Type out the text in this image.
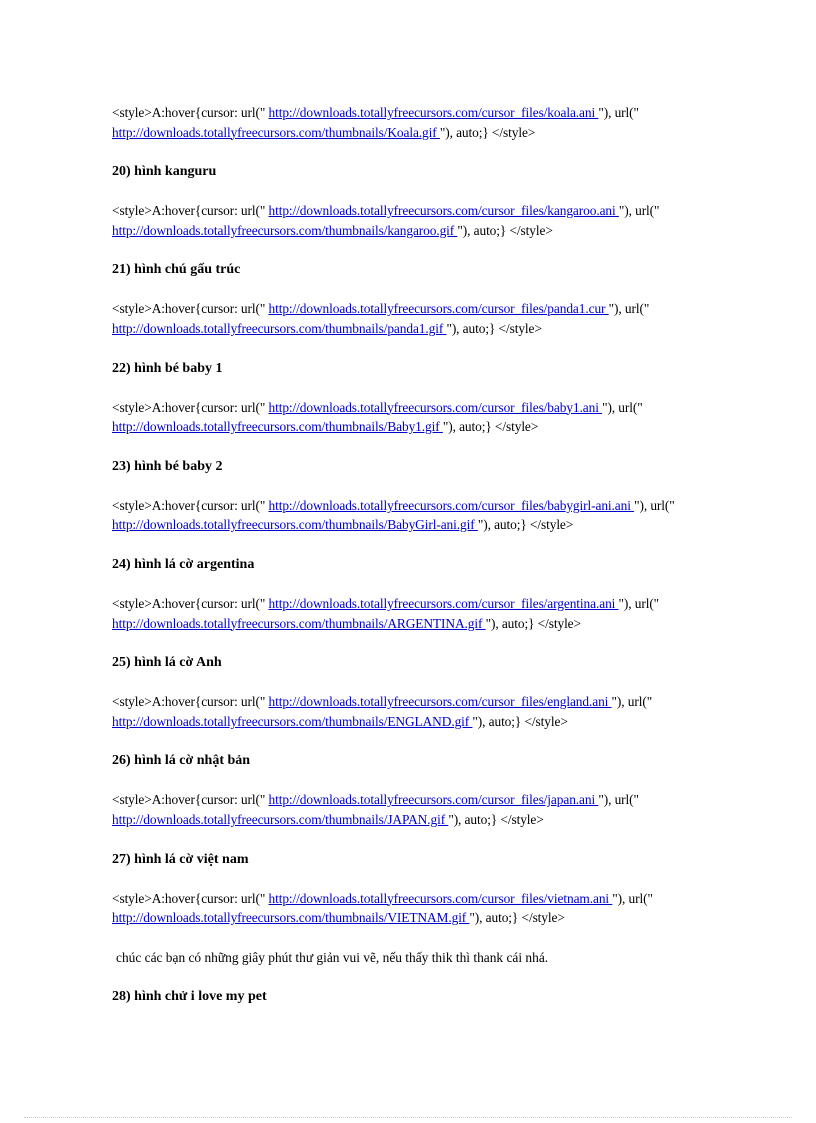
<style>A:hover{cursor: url(" http://downloads.totallyfreecursors.com/cursor_files/koala.ani "), url(" http://downloads.totallyfreecursors.com/thumbnails/Koala.gif "), auto;} </style>
20) hình kanguru
<style>A:hover{cursor: url(" http://downloads.totallyfreecursors.com/cursor_files/kangaroo.ani "), url(" http://downloads.totallyfreecursors.com/thumbnails/kangaroo.gif "), auto;} </style>
21) hình chú gấu trúc
<style>A:hover{cursor: url(" http://downloads.totallyfreecursors.com/cursor_files/panda1.cur "), url(" http://downloads.totallyfreecursors.com/thumbnails/panda1.gif "), auto;} </style>
22) hình bé baby 1
<style>A:hover{cursor: url(" http://downloads.totallyfreecursors.com/cursor_files/baby1.ani "), url(" http://downloads.totallyfreecursors.com/thumbnails/Baby1.gif "), auto;} </style>
23) hình bé baby 2
<style>A:hover{cursor: url(" http://downloads.totallyfreecursors.com/cursor_files/babygirl-ani.ani "), url(" http://downloads.totallyfreecursors.com/thumbnails/BabyGirl-ani.gif "), auto;} </style>
24) hình lá cờ argentina
<style>A:hover{cursor: url(" http://downloads.totallyfreecursors.com/cursor_files/argentina.ani "), url(" http://downloads.totallyfreecursors.com/thumbnails/ARGENTINA.gif "), auto;} </style>
25) hình lá cờ Anh
<style>A:hover{cursor: url(" http://downloads.totallyfreecursors.com/cursor_files/england.ani "), url(" http://downloads.totallyfreecursors.com/thumbnails/ENGLAND.gif "), auto;} </style>
26) hình lá cờ nhật bản
<style>A:hover{cursor: url(" http://downloads.totallyfreecursors.com/cursor_files/japan.ani "), url(" http://downloads.totallyfreecursors.com/thumbnails/JAPAN.gif "), auto;} </style>
27) hình lá cờ việt nam
<style>A:hover{cursor: url(" http://downloads.totallyfreecursors.com/cursor_files/vietnam.ani "), url(" http://downloads.totallyfreecursors.com/thumbnails/VIETNAM.gif "), auto;} </style>
chúc các bạn có những giây phút thư giản vui vẽ, nếu thấy thik thì thank cái nhá.
28) hình chử i love my pet
